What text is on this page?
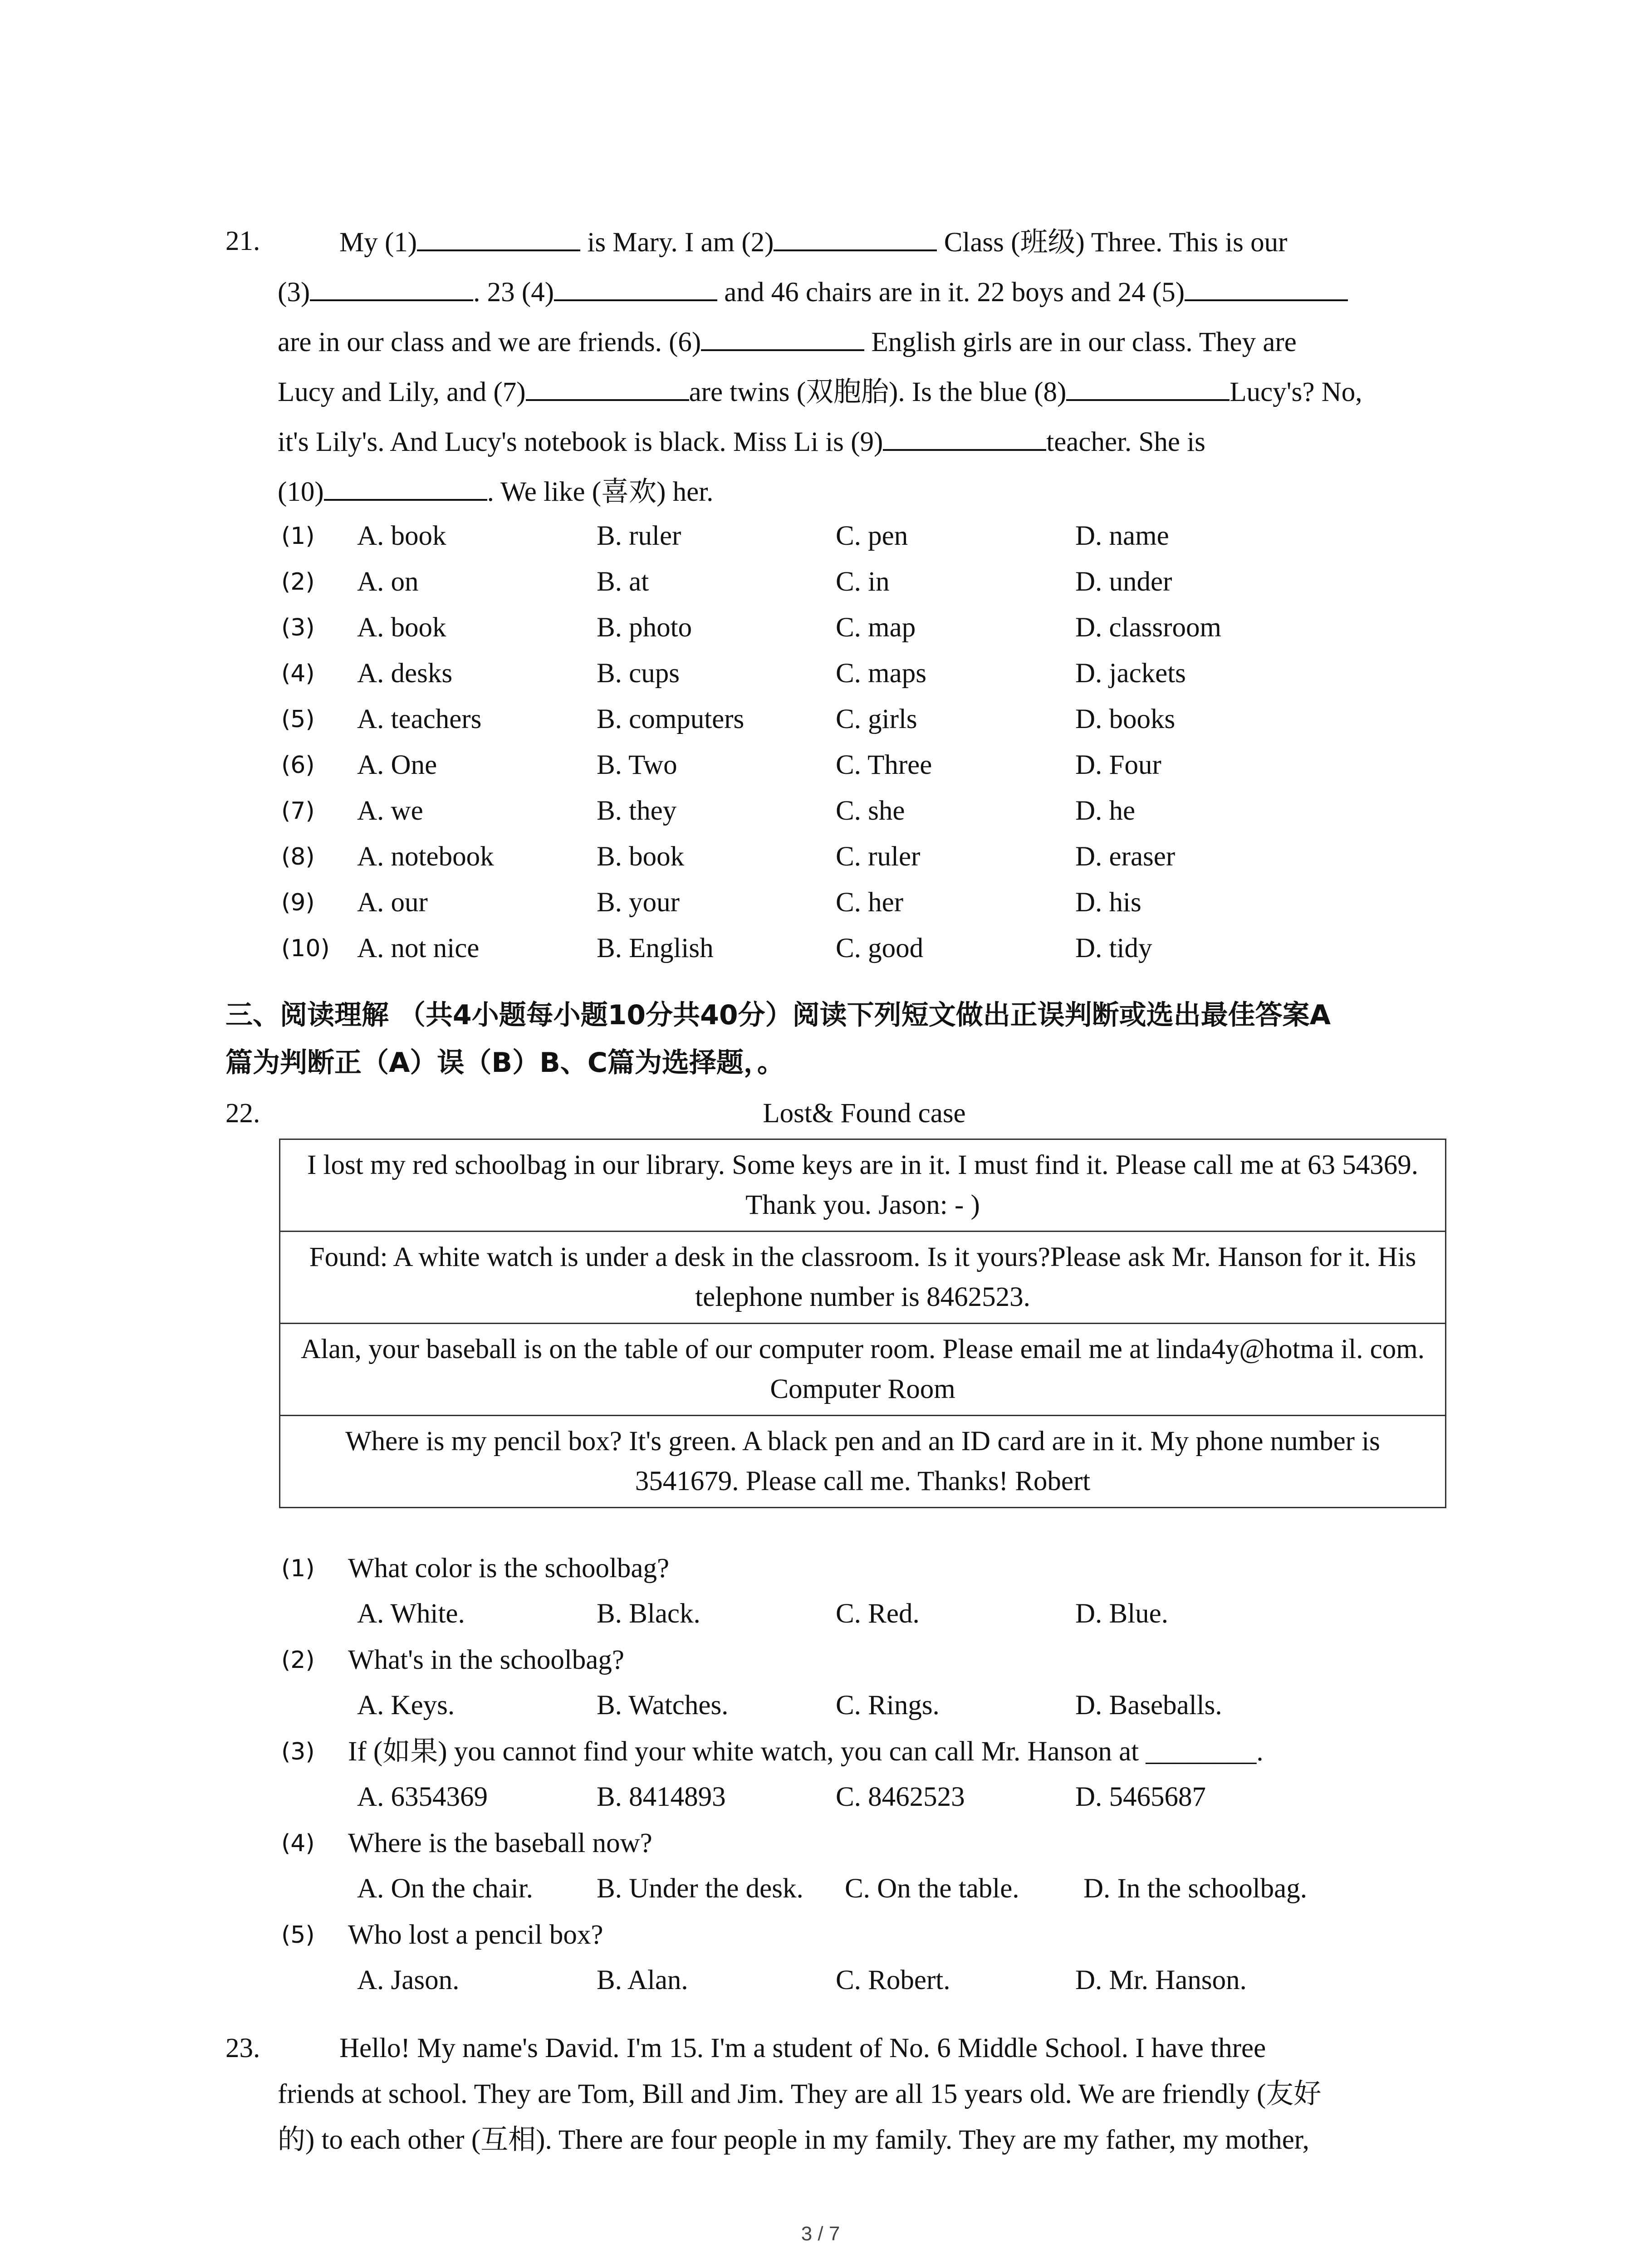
21.	My (1)	is Mary. I am (2)	Class (班级) Three. This is our
(3)	. 23 (4)	and 46 chairs are in it. 22 boys and 24 (5)
are in our class and we are friends. (6)	English girls are in our class. They are
Lucy and Lily, and (7)	are twins (双胞胎). Is the blue (8)	Lucy's? No,
it's Lily's. And Lucy's notebook is black. Miss Li is (9)	teacher. She is
(10)	. We like (喜欢) her.
(1) A. book	B. ruler	C. pen	D. name
(2) A. on	B. at	C. in	D. under
(3) A. book	B. photo	C. map	D. classroom
(4) A. desks	B. cups	C. maps	D. jackets
(5) A. teachers	B. computers	C. girls	D. books
(6) A. One	B. Two	C. Three	D. Four
(7) A. we	B. they	C. she	D. he
(8) A. notebook	B. book	C. ruler	D. eraser
(9) A. our	B. your	C. her	D. his
(10) A. not nice	B. English	C. good	D. tidy
三、阅读理解 （共4小题每小题10分共40分）阅读下列短文做出正误判断或选出最佳答案A
篇为判断正（A）误（B）B、C篇为选择题，。
22.	Lost& Found case
I lost my red schoolbag in our library. Some keys are in it. I must find it. Please call me at 63 54369. Thank you. Jason: - )
Found: A white watch is under a desk in the classroom. Is it yours?Please ask Mr. Hanson for it. His telephone number is 8462523.
Alan, your baseball is on the table of our computer room. Please email me at linda4y@hotma il. com. Computer Room
Where is my pencil box? It's green. A black pen and an ID card are in it. My phone number is 3541679. Please call me. Thanks! Robert
(1) What color is the schoolbag?
A. White.	B. Black.	C. Red.	D. Blue.
(2) What's in the schoolbag?
A. Keys.	B. Watches.	C. Rings.	D. Baseballs.
(3) If (如果) you cannot find your white watch, you can call Mr. Hanson at ________.
A. 6354369	B. 8414893	C. 8462523	D. 5465687
(4) Where is the baseball now?
A. On the chair. B. Under the desk. C. On the table. D. In the schoolbag.
(5) Who lost a pencil box?
A. Jason.	B. Alan.	C. Robert.	D. Mr. Hanson.
23.	Hello! My name's David. I'm 15. I'm a student of No. 6 Middle School. I have three
friends at school. They are Tom, Bill and Jim. They are all 15 years old. We are friendly (友好
的) to each other (互相). There are four people in my family. They are my father, my mother,
3 / 7
